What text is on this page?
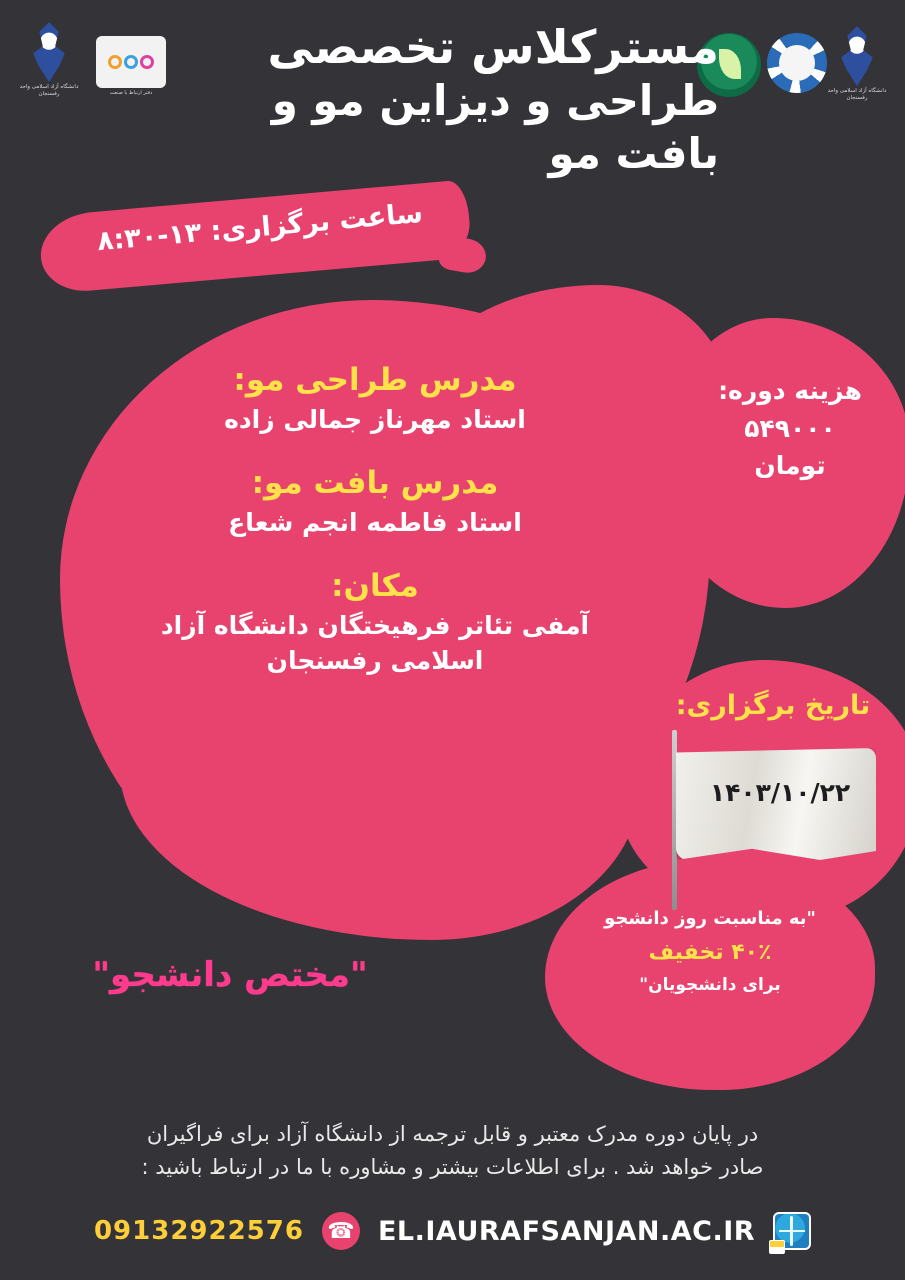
دانشگاه آزاد اسلامی واحد رفسنجان	دفتر ارتباط با صنعت	دانشگاه آزاد اسلامی واحد رفسنجان
مسترکلاس تخصصی
طراحی و دیزاین مو و بافت مو
ساعت برگزاری: ۱۳-۸:۳۰
مدرس طراحی مو:
استاد مهرناز جمالی زاده
مدرس بافت مو:
استاد فاطمه انجم شعاع
مکان:
آمفی تئاتر فرهیختگان دانشگاه آزاد
اسلامی رفسنجان
هزینه دوره:
۵۴۹۰۰۰
تومان
تاریخ برگزاری:
۱۴۰۳/۱۰/۲۲
"به مناسبت روز دانشجو
۴۰٪ تخفیف
برای دانشجویان"
"مختص دانشجو"
در پایان دوره مدرک معتبر و قابل ترجمه از دانشگاه آزاد برای فراگیران
صادر خواهد شد . برای اطلاعات بیشتر و مشاوره با ما در ارتباط باشید :
EL.IAURAFSANJAN.AC.IR
☎
09132922576
